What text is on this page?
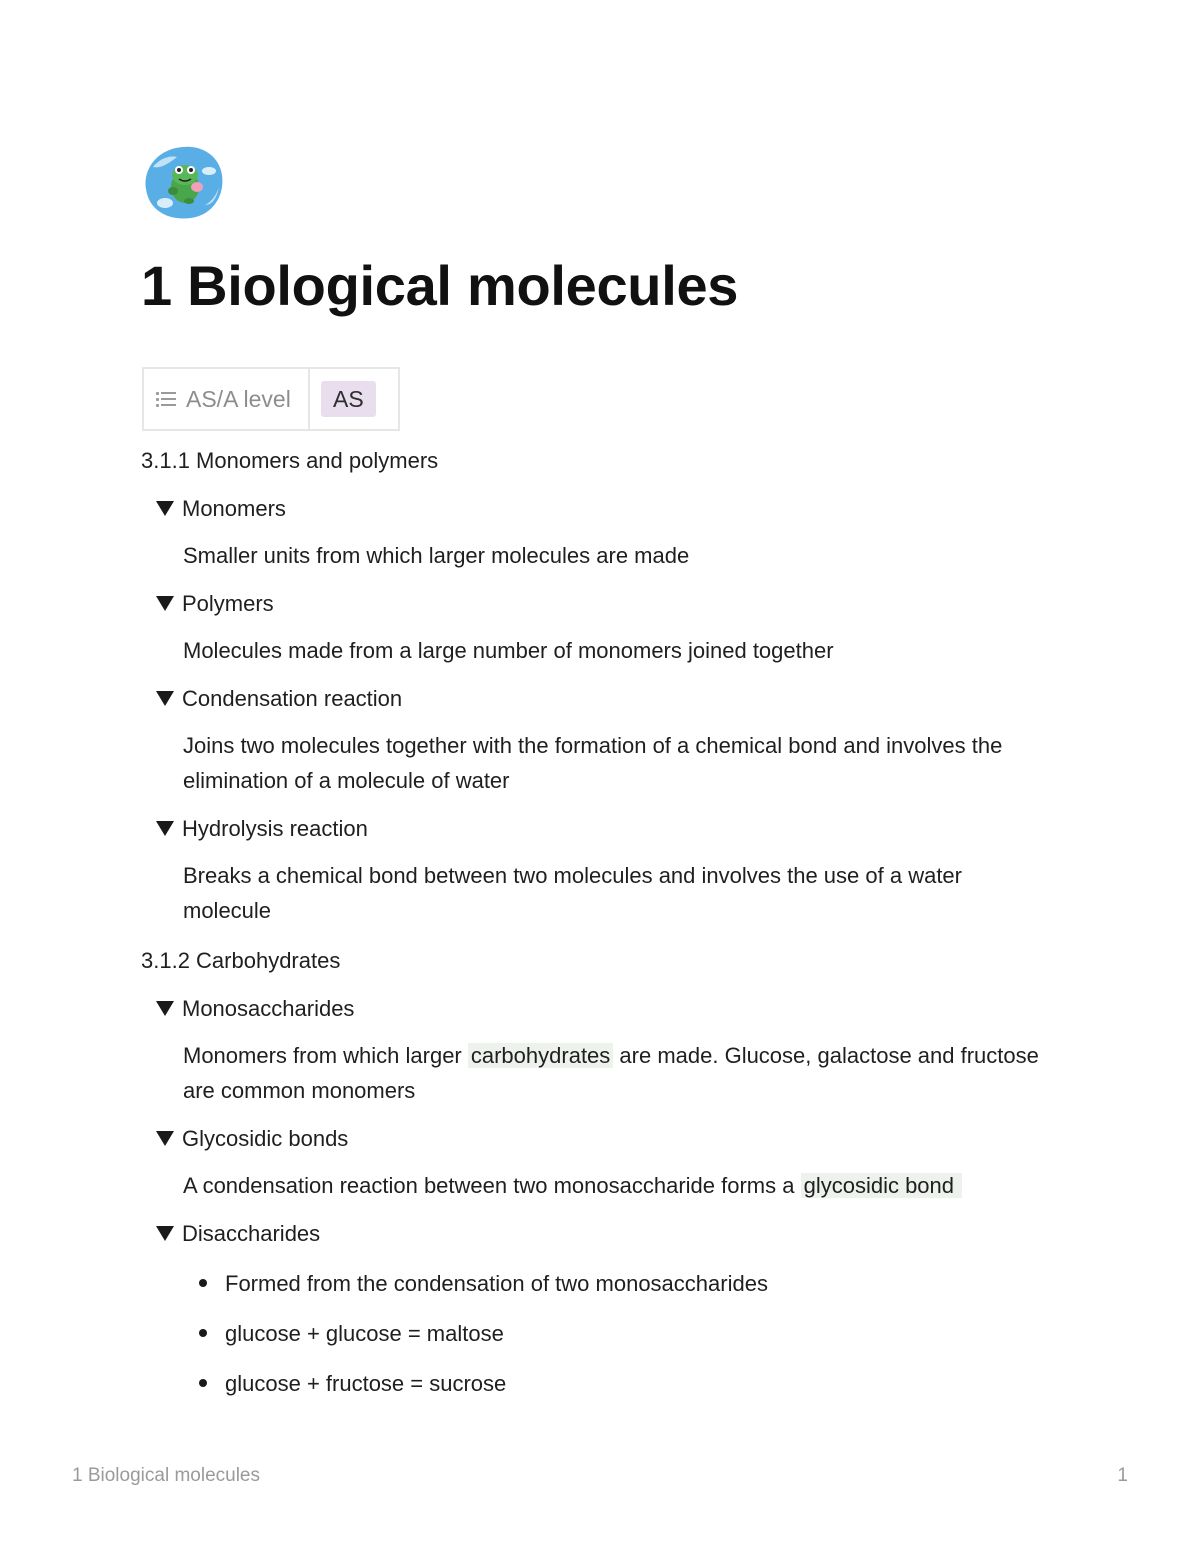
1 Biological molecules
AS/A level	AS
3.1.1 Monomers and polymers
Monomers

Smaller units from which larger molecules are made

Polymers

Molecules made from a large number of monomers joined together

Condensation reaction

Joins two molecules together with the formation of a chemical bond and involves the elimination of a molecule of water

Hydrolysis reaction

Breaks a chemical bond between two molecules and involves the use of a water molecule

3.1.2 Carbohydrates
Monosaccharides

Monomers from which larger carbohydrates are made. Glucose, galactose and fructose are common monomers

Glycosidic bonds

A condensation reaction between two monosaccharide forms a glycosidic bond

Disaccharides
Formed from the condensation of two monosaccharides
glucose + glucose = maltose
glucose + fructose = sucrose
1 Biological molecules	1
